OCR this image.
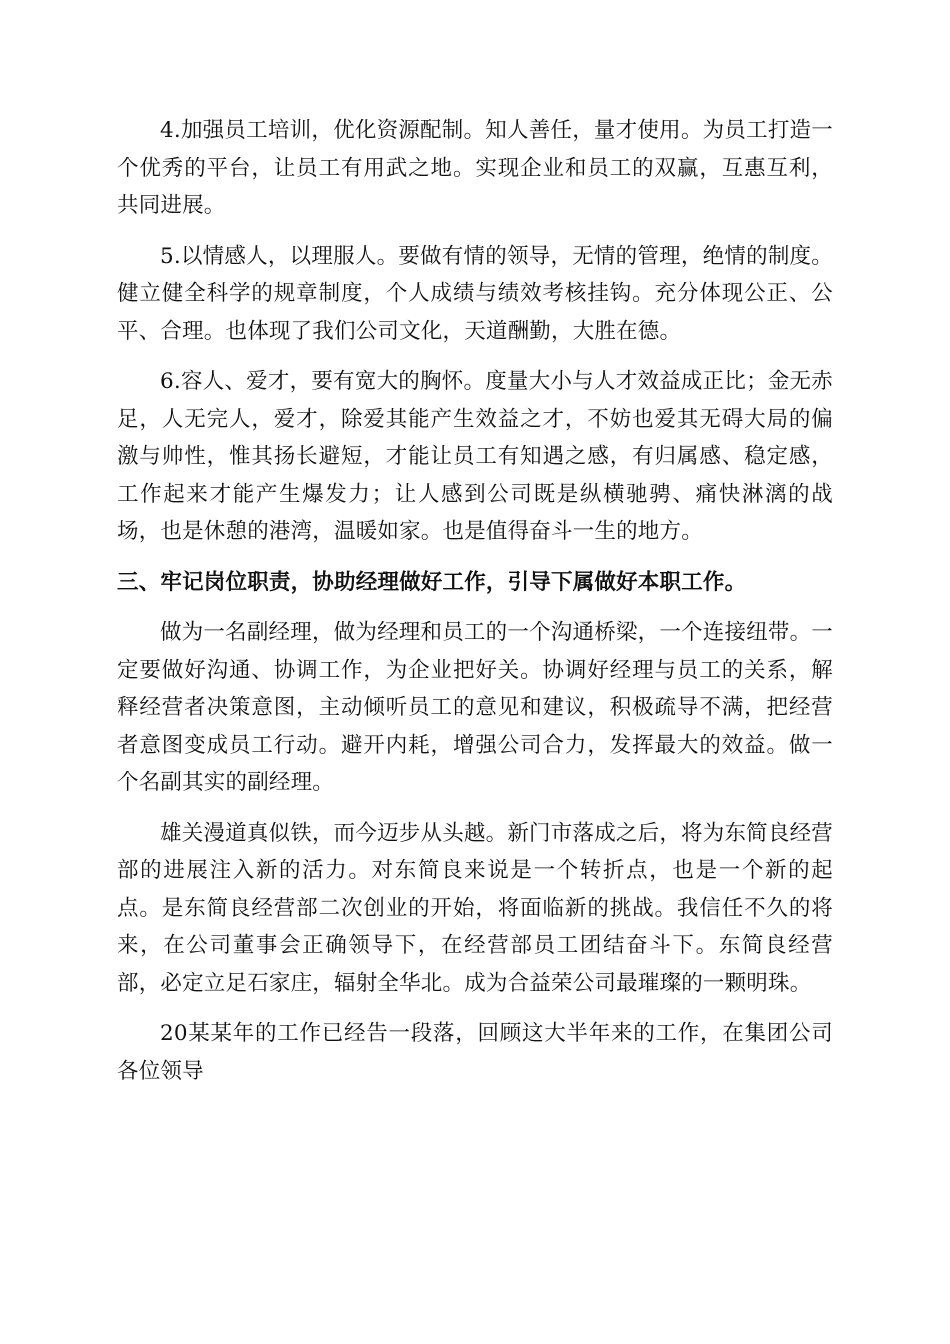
4.加强员工培训，优化资源配制。知人善任，量才使用。为员工打造一个优秀的平台，让员工有用武之地。实现企业和员工的双赢，互惠互利，共同进展。

5.以情感人，以理服人。要做有情的领导，无情的管理，绝情的制度。健立健全科学的规章制度，个人成绩与绩效考核挂钩。充分体现公正、公平、合理。也体现了我们公司文化，天道酬勤，大胜在德。

6.容人、爱才，要有宽大的胸怀。度量大小与人才效益成正比；金无赤足，人无完人，爱才，除爱其能产生效益之才，不妨也爱其无碍大局的偏激与帅性，惟其扬长避短，才能让员工有知遇之感，有归属感、稳定感，工作起来才能产生爆发力；让人感到公司既是纵横驰骋、痛快淋漓的战场，也是休憩的港湾，温暖如家。也是值得奋斗一生的地方。

三、牢记岗位职责，协助经理做好工作，引导下属做好本职工作。

做为一名副经理，做为经理和员工的一个沟通桥梁，一个连接纽带。一定要做好沟通、协调工作，为企业把好关。协调好经理与员工的关系，解释经营者决策意图，主动倾听员工的意见和建议，积极疏导不满，把经营者意图变成员工行动。避开内耗，增强公司合力，发挥最大的效益。做一个名副其实的副经理。

雄关漫道真似铁，而今迈步从头越。新门市落成之后，将为东简良经营部的进展注入新的活力。对东简良来说是一个转折点，也是一个新的起点。是东简良经营部二次创业的开始，将面临新的挑战。我信任不久的将来，在公司董事会正确领导下，在经营部员工团结奋斗下。东简良经营部，必定立足石家庄，辐射全华北。成为合益荣公司最璀璨的一颗明珠。

20某某年的工作已经告一段落，回顾这大半年来的工作，在集团公司各位领导
